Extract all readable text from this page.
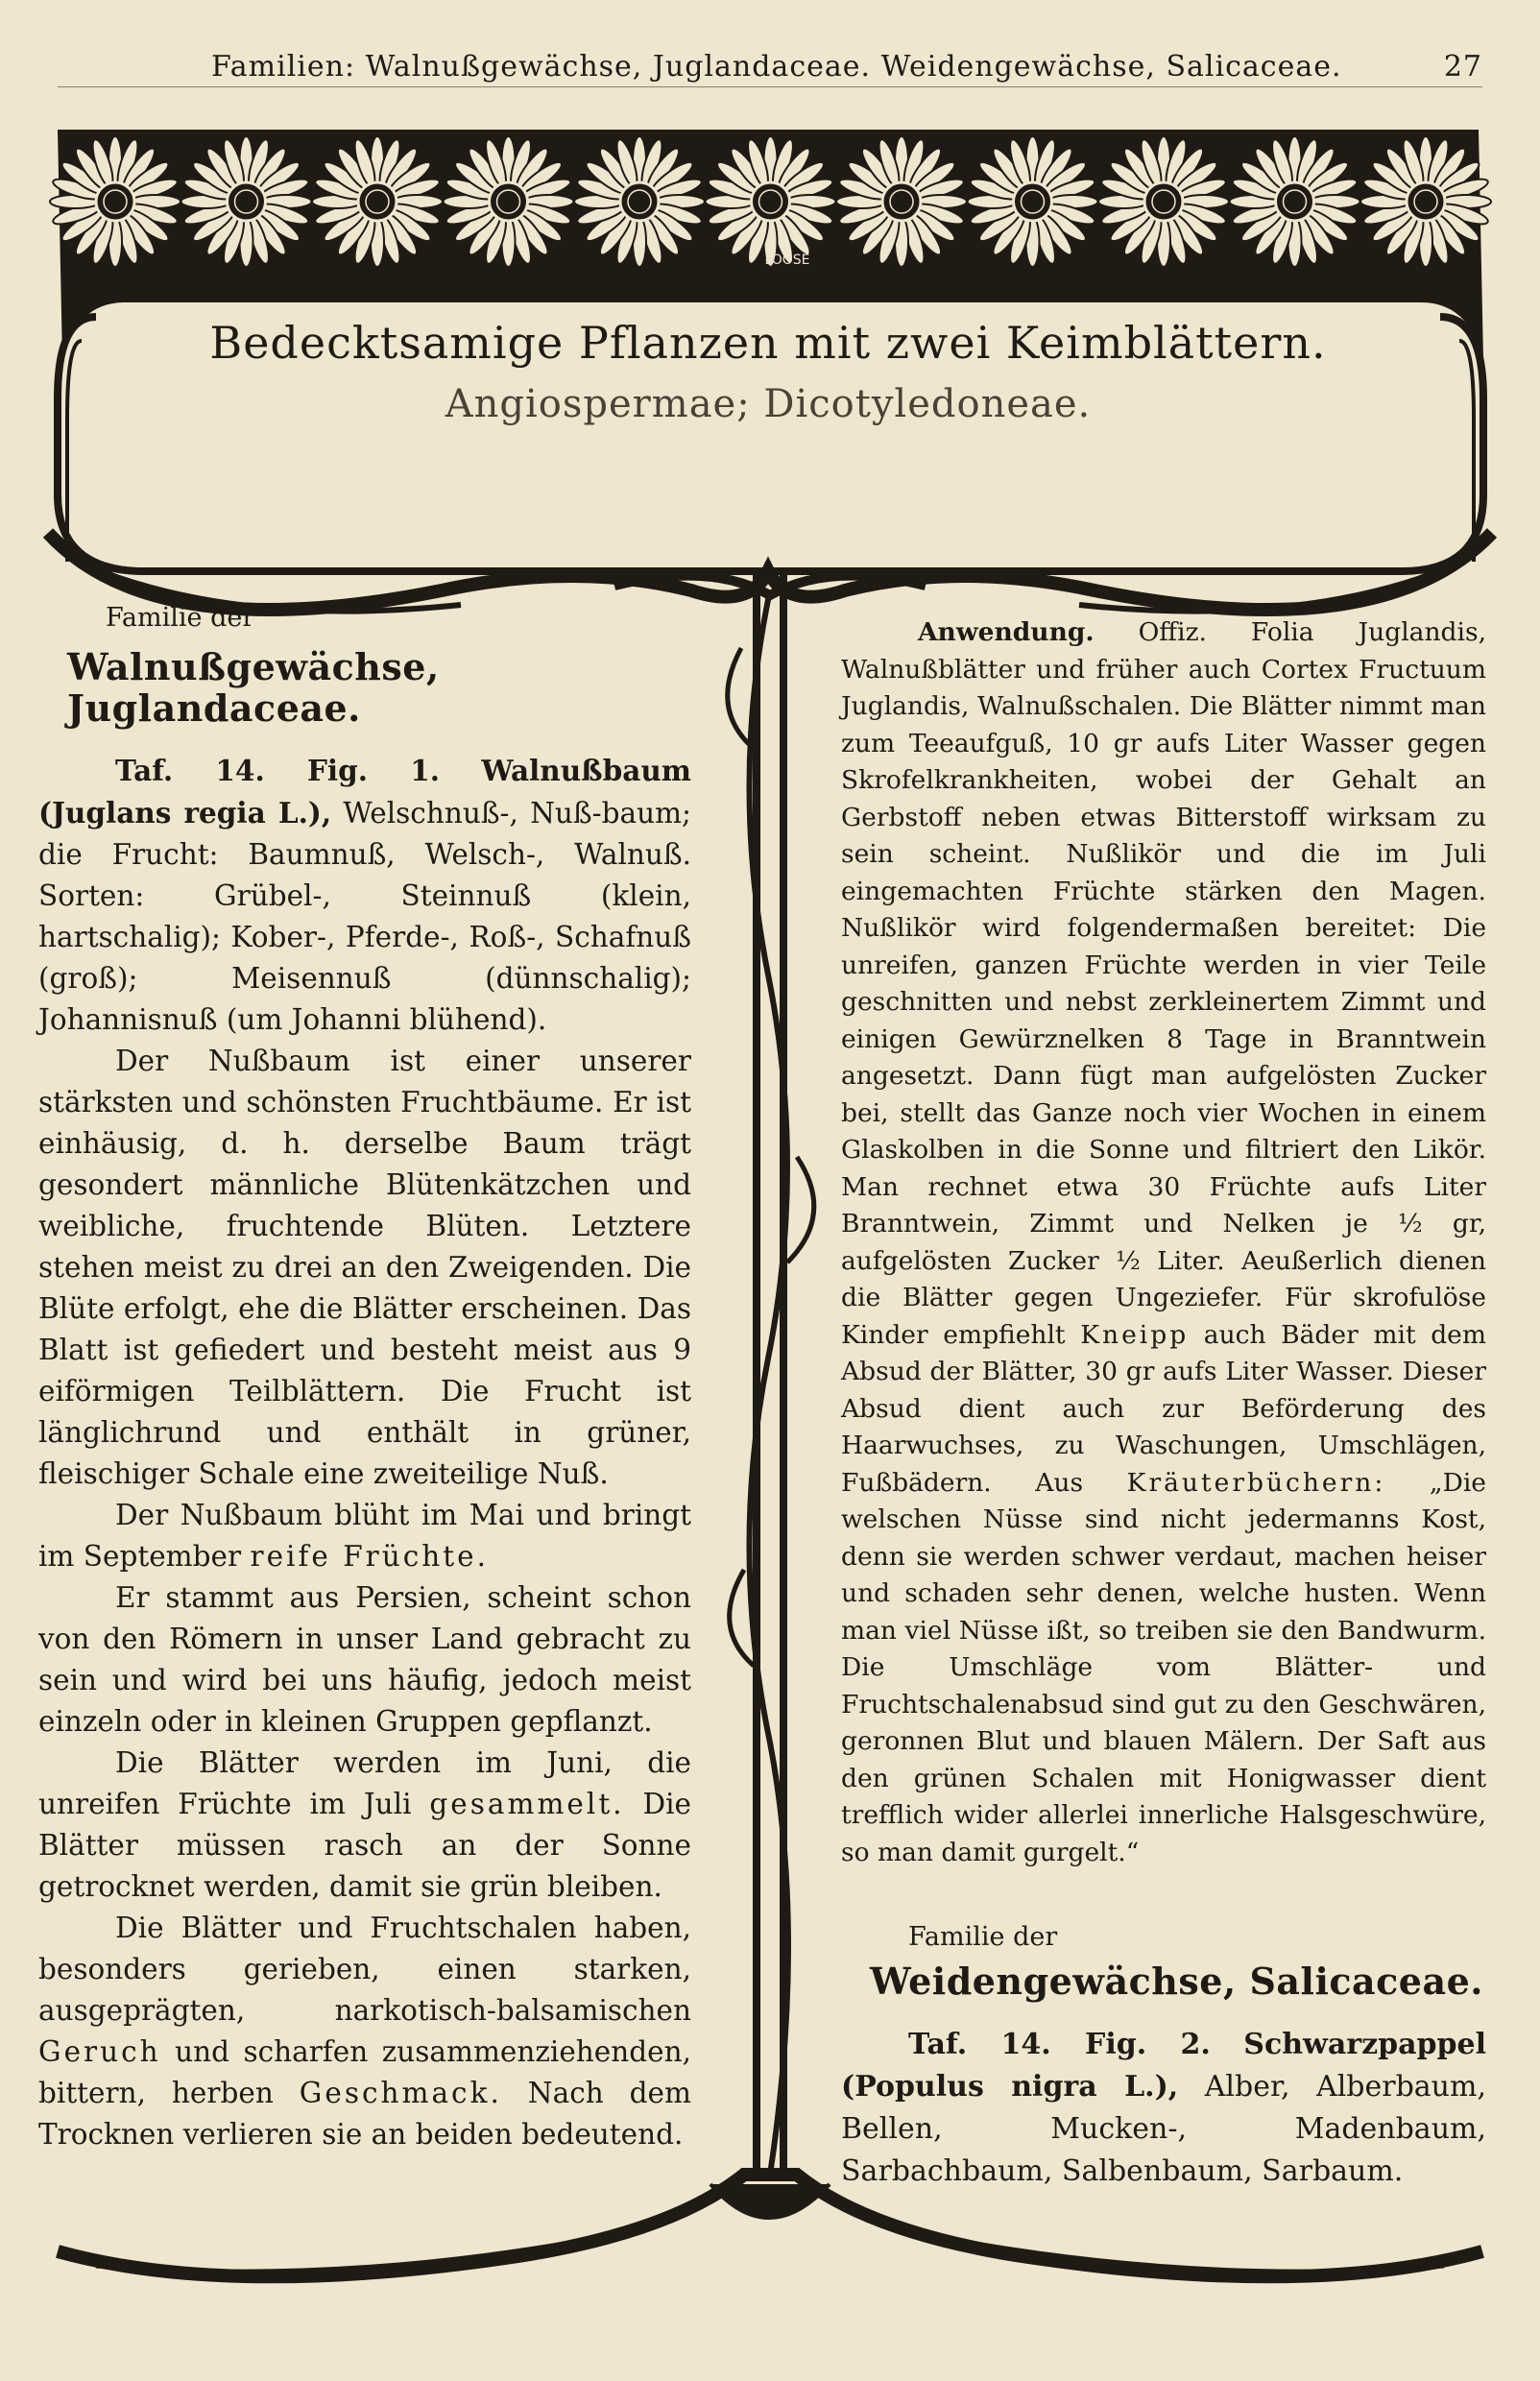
Familien: Walnußgewächse, Juglandaceae. Weidengewächse, Salicaceae.	27
LOOSE
Bedecktsamige Pflanzen mit zwei Keimblättern.
Angiospermae; Dicotyledoneae.

Familie der

Walnußgewächse, Juglandaceae.

Taf. 14. Fig. 1. Walnußbaum (Juglans regia L.), Welschnuß-, Nuß-baum; die Frucht: Baumnuß, Welsch-, Walnuß. Sorten: Grübel-, Steinnuß (klein, hartschalig); Kober-, Pferde-, Roß-, Schafnuß (groß); Meisennuß (dünnschalig); Johannisnuß (um Johanni blühend).

Der Nußbaum ist einer unserer stärksten und schönsten Fruchtbäume. Er ist einhäusig, d. h. derselbe Baum trägt gesondert männliche Blütenkätzchen und weibliche, fruchtende Blüten. Letztere stehen meist zu drei an den Zweigenden. Die Blüte erfolgt, ehe die Blätter erscheinen. Das Blatt ist gefiedert und besteht meist aus 9 eiförmigen Teilblättern. Die Frucht ist länglichrund und enthält in grüner, fleischiger Schale eine zweiteilige Nuß.

Der Nußbaum blüht im Mai und bringt im September reife Früchte.

Er stammt aus Persien, scheint schon von den Römern in unser Land gebracht zu sein und wird bei uns häufig, jedoch meist einzeln oder in kleinen Gruppen gepflanzt.

Die Blätter werden im Juni, die unreifen Früchte im Juli gesammelt. Die Blätter müssen rasch an der Sonne getrocknet werden, damit sie grün bleiben.

Die Blätter und Fruchtschalen haben, besonders gerieben, einen starken, ausgeprägten, narkotisch-balsamischen Geruch und scharfen zusammenziehenden, bittern, herben Geschmack. Nach dem Trocknen verlieren sie an beiden bedeutend.

Anwendung. Offiz. Folia Juglandis, Walnußblätter und früher auch Cortex Fructuum Juglandis, Walnußschalen. Die Blätter nimmt man zum Teeaufguß, 10 gr aufs Liter Wasser gegen Skrofelkrankheiten, wobei der Gehalt an Gerbstoff neben etwas Bitterstoff wirksam zu sein scheint. Nußlikör und die im Juli eingemachten Früchte stärken den Magen. Nußlikör wird folgendermaßen bereitet: Die unreifen, ganzen Früchte werden in vier Teile geschnitten und nebst zerkleinertem Zimmt und einigen Gewürznelken 8 Tage in Branntwein angesetzt. Dann fügt man aufgelösten Zucker bei, stellt das Ganze noch vier Wochen in einem Glaskolben in die Sonne und filtriert den Likör. Man rechnet etwa 30 Früchte aufs Liter Branntwein, Zimmt und Nelken je ½ gr, aufgelösten Zucker ½ Liter. Aeußerlich dienen die Blätter gegen Ungeziefer. Für skrofulöse Kinder empfiehlt Kneipp auch Bäder mit dem Absud der Blätter, 30 gr aufs Liter Wasser. Dieser Absud dient auch zur Beförderung des Haarwuchses, zu Waschungen, Umschlägen, Fußbädern. Aus Kräuterbüchern: „Die welschen Nüsse sind nicht jedermanns Kost, denn sie werden schwer verdaut, machen heiser und schaden sehr denen, welche husten. Wenn man viel Nüsse ißt, so treiben sie den Bandwurm. Die Umschläge vom Blätter- und Fruchtschalenabsud sind gut zu den Geschwären, geronnen Blut und blauen Mälern. Der Saft aus den grünen Schalen mit Honigwasser dient trefflich wider allerlei innerliche Halsgeschwüre, so man damit gurgelt.“

Familie der

Weidengewächse, Salicaceae.

Taf. 14. Fig. 2. Schwarzpappel (Populus nigra L.), Alber, Alberbaum, Bellen, Mucken-, Madenbaum, Sarbachbaum, Salbenbaum, Sarbaum.
